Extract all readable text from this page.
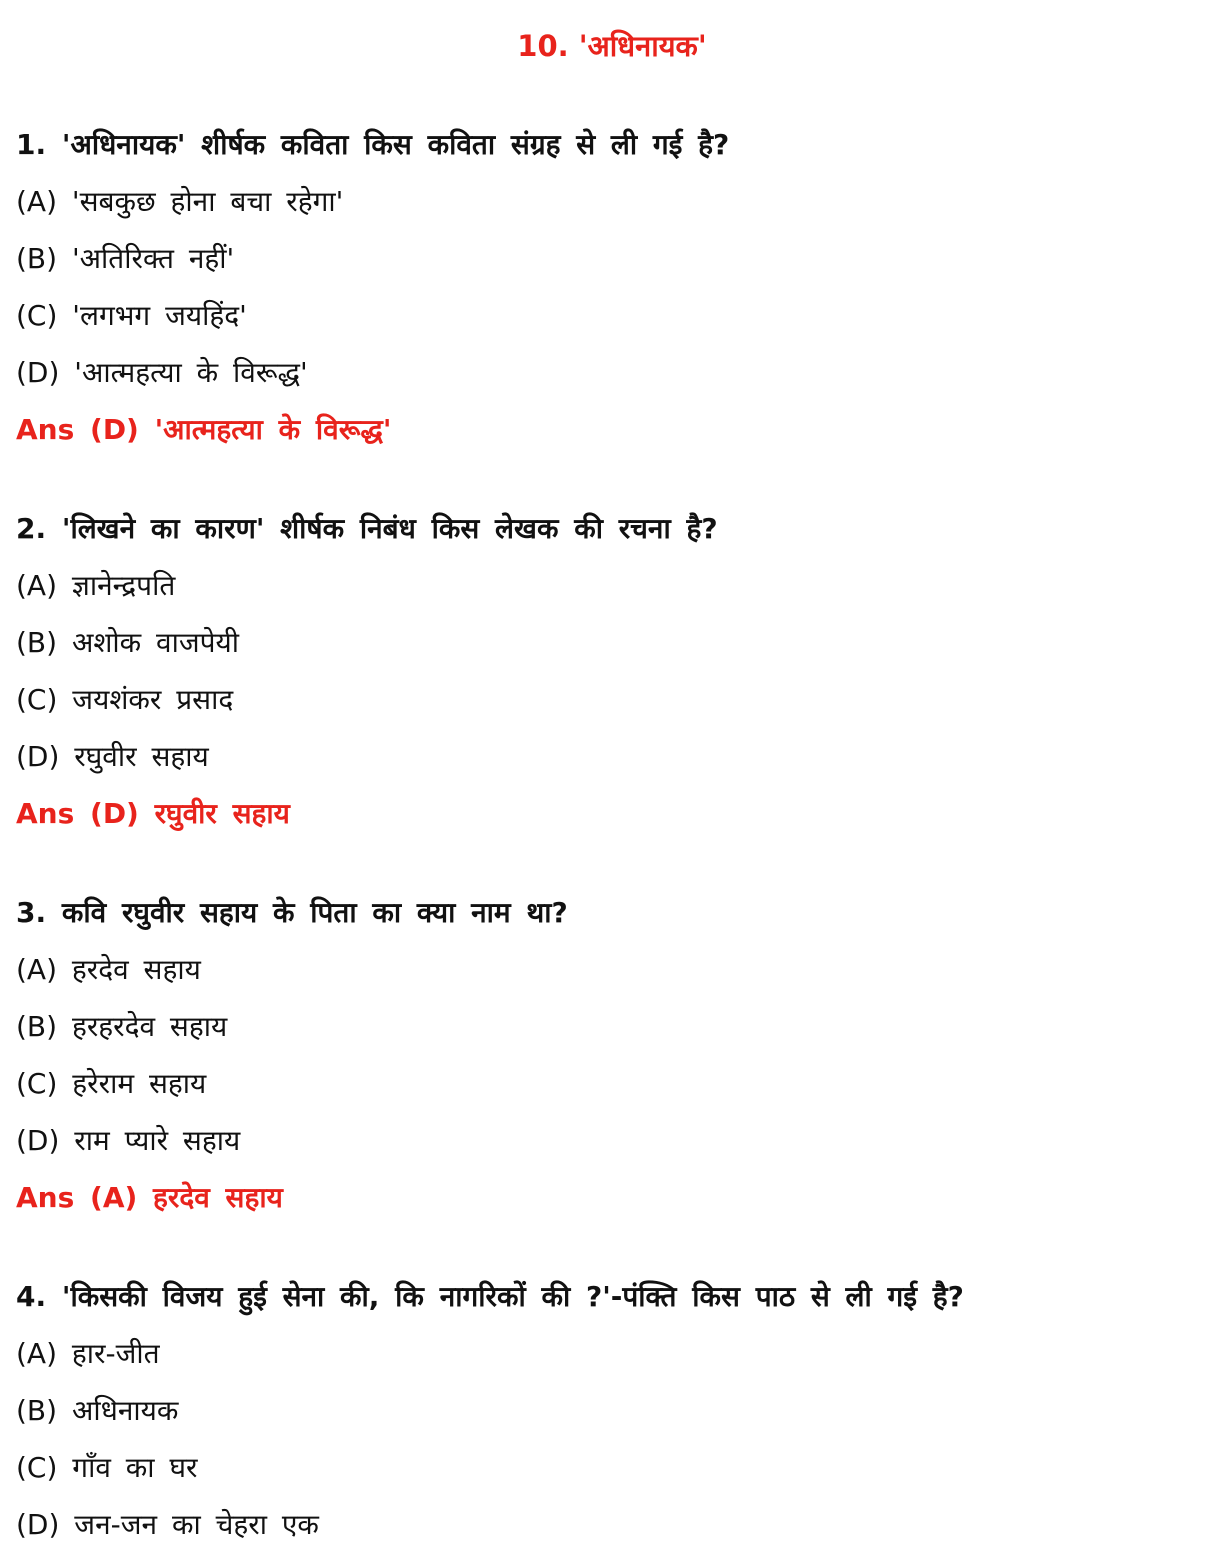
10. 'अधिनायक'
1. 'अधिनायक' शीर्षक कविता किस कविता संग्रह से ली गई है?
(A) 'सबकुछ होना बचा रहेगा'
(B) 'अतिरिक्त नहीं'
(C) 'लगभग जयहिंद'
(D) 'आत्महत्या के विरूद्ध'
Ans (D) 'आत्महत्या के विरूद्ध'
2. 'लिखने का कारण' शीर्षक निबंध किस लेखक की रचना है?
(A) ज्ञानेन्द्रपति
(B) अशोक वाजपेयी
(C) जयशंकर प्रसाद
(D) रघुवीर सहाय
Ans (D) रघुवीर सहाय
3. कवि रघुवीर सहाय के पिता का क्या नाम था?
(A) हरदेव सहाय
(B) हरहरदेव सहाय
(C) हरेराम सहाय
(D) राम प्यारे सहाय
Ans (A) हरदेव सहाय
4. 'किसकी विजय हुई सेना की, कि नागरिकों की ?'-पंक्ति किस पाठ से ली गई है?
(A) हार-जीत
(B) अधिनायक
(C) गाँव का घर
(D) जन-जन का चेहरा एक
